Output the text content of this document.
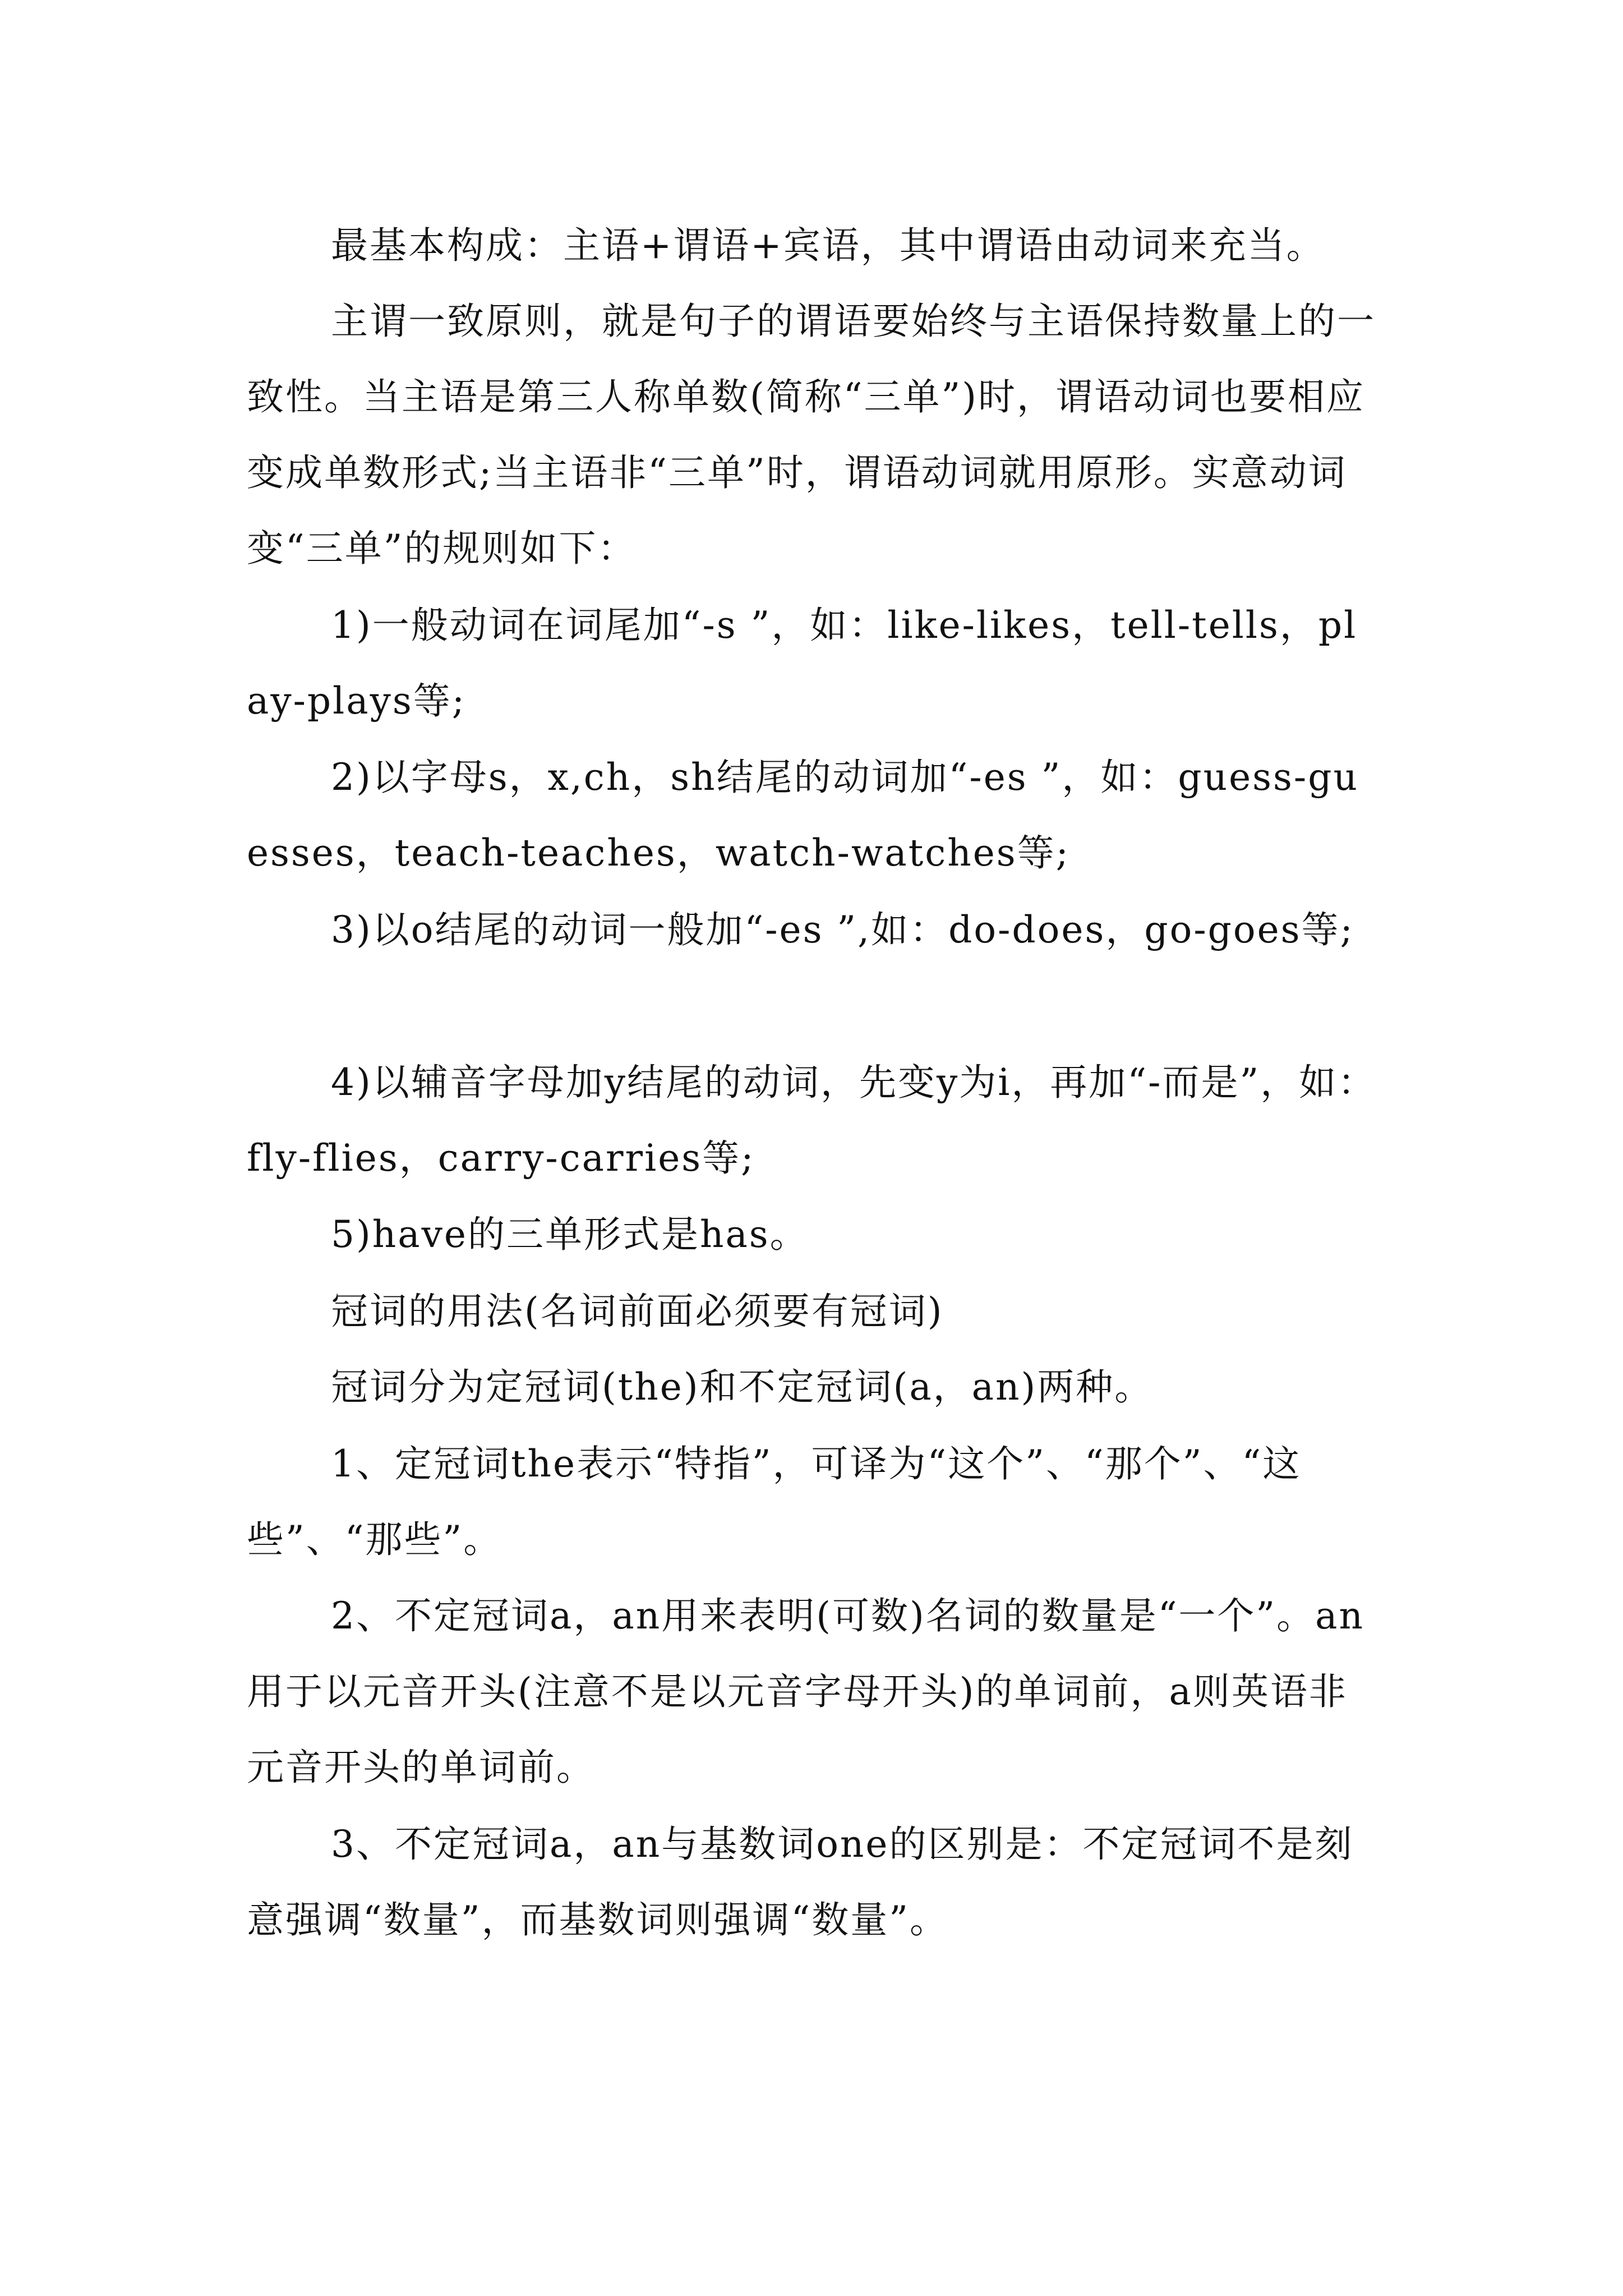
最基本构成：主语+谓语+宾语，其中谓语由动词来充当。

主谓一致原则，就是句子的谓语要始终与主语保持数量上的一致性。当主语是第三人称单数(简称“三单”)时，谓语动词也要相应变成单数形式;当主语非“三单”时，谓语动词就用原形。实意动词变“三单”的规则如下：

1)一般动词在词尾加“-s ”，如：like-likes，tell-tells，play-plays等;

2)以字母s，x,ch，sh结尾的动词加“-es ”，如：guess-guesses，teach-teaches，watch-watches等;

3)以o结尾的动词一般加“-es ”,如：do-does，go-goes等;

4)以辅音字母加y结尾的动词，先变y为i，再加“-而是”，如：fly-flies，carry-carries等;

5)have的三单形式是has。

冠词的用法(名词前面必须要有冠词)

冠词分为定冠词(the)和不定冠词(a，an)两种。

1、定冠词the表示“特指”，可译为“这个”、“那个”、“这些”、“那些”。

2、不定冠词a，an用来表明(可数)名词的数量是“一个”。an用于以元音开头(注意不是以元音字母开头)的单词前，a则英语非元音开头的单词前。

3、不定冠词a，an与基数词one的区别是：不定冠词不是刻意强调“数量”，而基数词则强调“数量”。
